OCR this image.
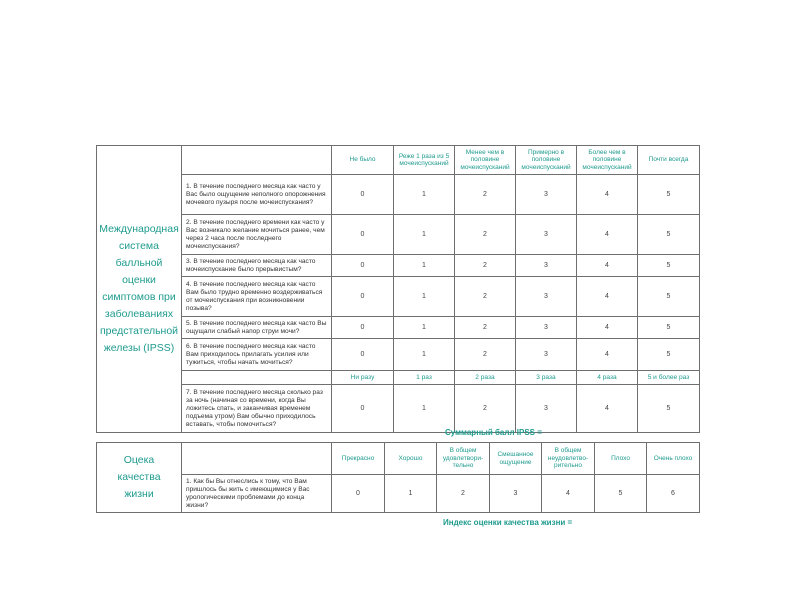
Международная система балльной оценки симптомов при заболеваниях предстательной железы (IPSS)		Не было	Реже 1 раза из 5 мочеиспусканий	Менее чем в половине мочеиспусканий	Примерно в половине мочеиспусканий	Более чем в половине мочеиспусканий	Почти всегда
	1. В течение последнего месяца как часто у Вас было ощущение неполного опорожнения мочевого пузыря после мочеиспускания?	0	1	2	3	4	5
	2. В течение последнего времени как часто у Вас возникало желание мочиться ранее, чем через 2 часа после последнего мочеиспускания?	0	1	2	3	4	5
	3. В течение последнего месяца как часто мочеиспускание было прерывистым?	0	1	2	3	4	5
	4. В течение последнего месяца как часто Вам было трудно временно воздерживаться от мочеиспускания при возникновении позыва?	0	1	2	3	4	5
	5. В течение последнего месяца как часто Вы ощущали слабый напор струи мочи?	0	1	2	3	4	5
	6. В течение последнего месяца как часто Вам приходилось прилагать усилия или тужиться, чтобы начать мочиться?	0	1	2	3	4	5
		Ни разу	1 раз	2 раза	3 раза	4 раза	5 и более раз
	7. В течение последнего месяца сколько раз за ночь (начиная со времени, когда Вы ложитесь спать, и заканчивая временем подъема утром) Вам обычно приходилось вставать, чтобы помочиться?	0	1	2	3	4	5
Суммарный балл IPSS =
Оцека качества жизни		Прекрасно	Хорошо	В общем удовлетвори-тельно	Смешанное ощущение	В общем неудовлетво-рительно	Плохо	Очень плохо
	1. Как бы Вы отнеслись к тому, что Вам пришлось бы жить с имеющимися у Вас урологическими проблемами до конца жизни?	0	1	2	3	4	5	6
Индекс оценки качества жизни =
